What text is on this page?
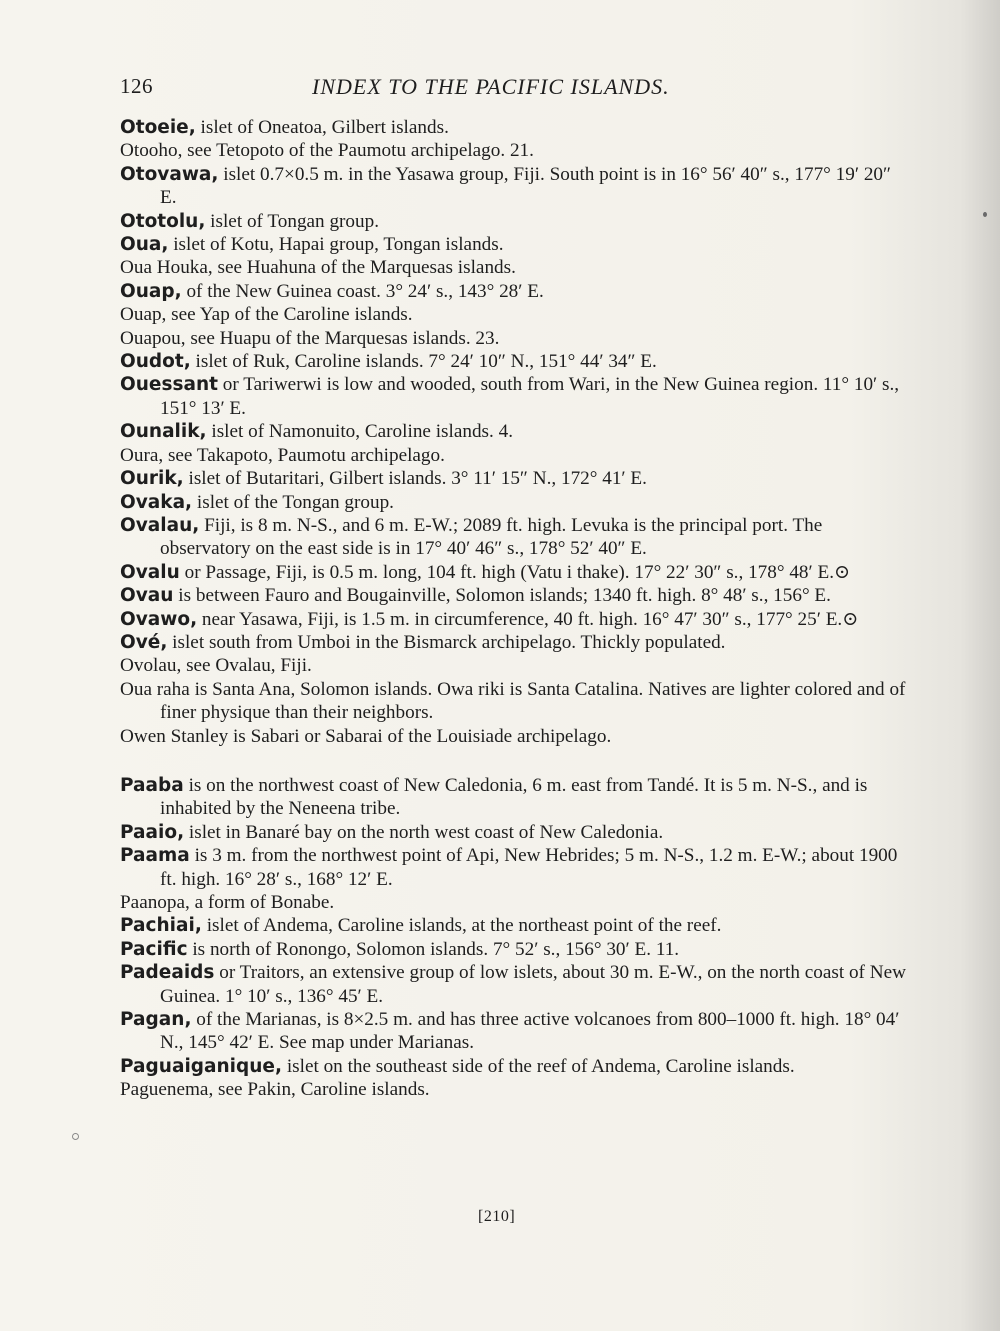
126	INDEX TO THE PACIFIC ISLANDS.

Otoeie, islet of Oneatoa, Gilbert islands.

Otooho, see Tetopoto of the Paumotu archipelago. 21.

Otovawa, islet 0.7×0.5 m. in the Yasawa group, Fiji. South point is in 16° 56′ 40″ s., 177° 19′ 20″ E.

Ototolu, islet of Tongan group.

Oua, islet of Kotu, Hapai group, Tongan islands.

Oua Houka, see Huahuna of the Marquesas islands.

Ouap, of the New Guinea coast. 3° 24′ s., 143° 28′ E.

Ouap, see Yap of the Caroline islands.

Ouapou, see Huapu of the Marquesas islands. 23.

Oudot, islet of Ruk, Caroline islands. 7° 24′ 10″ N., 151° 44′ 34″ E.

Ouessant or Tariwerwi is low and wooded, south from Wari, in the New Guinea region. 11° 10′ s., 151° 13′ E.

Ounalik, islet of Namonuito, Caroline islands. 4.

Oura, see Takapoto, Paumotu archipelago.

Ourik, islet of Butaritari, Gilbert islands. 3° 11′ 15″ N., 172° 41′ E.

Ovaka, islet of the Tongan group.

Ovalau, Fiji, is 8 m. N-S., and 6 m. E-W.; 2089 ft. high. Levuka is the principal port. The observatory on the east side is in 17° 40′ 46″ s., 178° 52′ 40″ E.

Ovalu or Passage, Fiji, is 0.5 m. long, 104 ft. high (Vatu i thake). 17° 22′ 30″ s., 178° 48′ E.⊙

Ovau is between Fauro and Bougainville, Solomon islands; 1340 ft. high. 8° 48′ s., 156° E.

Ovawo, near Yasawa, Fiji, is 1.5 m. in circumference, 40 ft. high. 16° 47′ 30″ s., 177° 25′ E.⊙

Ové, islet south from Umboi in the Bismarck archipelago. Thickly populated.

Ovolau, see Ovalau, Fiji.

Oua raha is Santa Ana, Solomon islands. Owa riki is Santa Catalina. Natives are lighter colored and of finer physique than their neighbors.

Owen Stanley is Sabari or Sabarai of the Louisiade archipelago.

Paaba is on the northwest coast of New Caledonia, 6 m. east from Tandé. It is 5 m. N-S., and is inhabited by the Neneena tribe.

Paaio, islet in Banaré bay on the north west coast of New Caledonia.

Paama is 3 m. from the northwest point of Api, New Hebrides; 5 m. N-S., 1.2 m. E-W.; about 1900 ft. high. 16° 28′ s., 168° 12′ E.

Paanopa, a form of Bonabe.

Pachiai, islet of Andema, Caroline islands, at the northeast point of the reef.

Pacific is north of Ronongo, Solomon islands. 7° 52′ s., 156° 30′ E. 11.

Padeaids or Traitors, an extensive group of low islets, about 30 m. E-W., on the north coast of New Guinea. 1° 10′ s., 136° 45′ E.

Pagan, of the Marianas, is 8×2.5 m. and has three active volcanoes from 800–1000 ft. high. 18° 04′ N., 145° 42′ E. See map under Marianas.

Paguaiganique, islet on the southeast side of the reef of Andema, Caroline islands.

Paguenema, see Pakin, Caroline islands.

[210]
